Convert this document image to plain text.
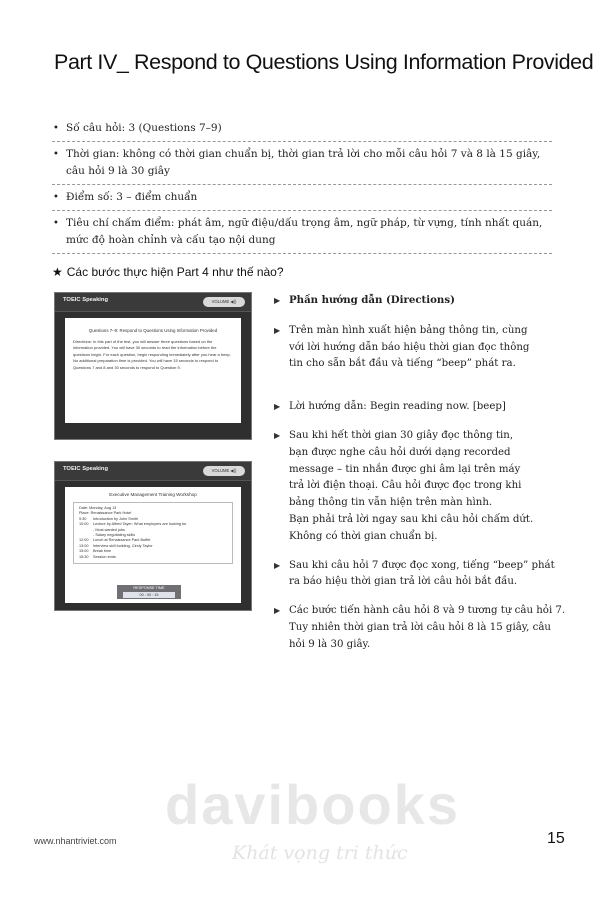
Part IV_ Respond to Questions Using Information Provided
• Số câu hỏi: 3 (Questions 7–9)
• Thời gian: không có thời gian chuẩn bị, thời gian trả lời cho mỗi câu hỏi 7 và 8 là 15 giây,
câu hỏi 9 là 30 giây
• Điểm số: 3 – điểm chuẩn
• Tiêu chí chấm điểm: phát âm, ngữ điệu/dấu trọng âm, ngữ pháp, từ vựng, tính nhất quán,
mức độ hoàn chỉnh và cấu tạo nội dung
★ Các bước thực hiện Part 4 như thế nào?
TOEIC Speaking	VOLUME ◀))
Questions 7–9: Respond to Questions Using Information Provided
Directions: In this part of the test, you will answer three questions based on the information provided. You will have 30 seconds to read the information before the questions begin. For each question, begin responding immediately after you hear a beep. No additional preparation time is provided. You will have 15 seconds to respond to Questions 7 and 8 and 30 seconds to respond to Question 9.
TOEIC Speaking	VOLUME ◀))
Executive Management Training Workshop
Date: Monday, Aug 13
Place: Renaissance Park Hotel
9:30	Introduction by John Smith
10:00	Lecture by Alfred Tayer: What employers are looking for
- Most wanted jobs
- Salary negotiating skills
12:00	Lunch at Renaissance Park Buffet
13:00	Interview skill building, Cindy Taylor
15:00	Break time
15:30	Session ends
RESPONSE TIME
00 : 00 : 15
▶ Phần hướng dẫn (Directions)
▶ Trên màn hình xuất hiện bảng thông tin, cùng
với lời hướng dẫn báo hiệu thời gian đọc thông
tin cho sẵn bắt đầu và tiếng “beep” phát ra.
▶ Lời hướng dẫn: Begin reading now. [beep]
▶ Sau khi hết thời gian 30 giây đọc thông tin,
bạn được nghe câu hỏi dưới dạng recorded
message – tin nhắn được ghi âm lại trên máy
trả lời điện thoại. Câu hỏi được đọc trong khi
bảng thông tin vẫn hiện trên màn hình.
Bạn phải trả lời ngay sau khi câu hỏi chấm dứt.
Không có thời gian chuẩn bị.
▶ Sau khi câu hỏi 7 được đọc xong, tiếng “beep” phát
ra báo hiệu thời gian trả lời câu hỏi bắt đầu.
▶ Các bước tiến hành câu hỏi 8 và 9 tương tự câu hỏi 7.
Tuy nhiên thời gian trả lời câu hỏi 8 là 15 giây, câu
hỏi 9 là 30 giây.
davibooks
Khát vọng tri thức
www.nhantriviet.com	15
